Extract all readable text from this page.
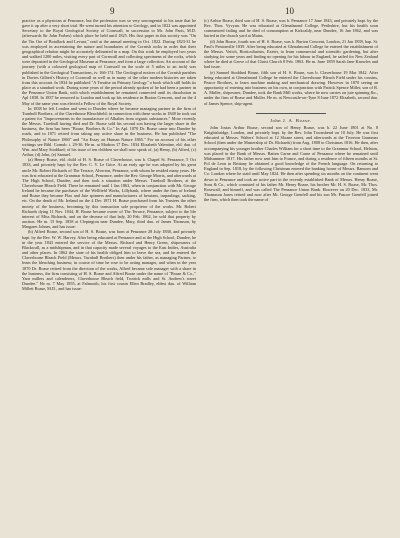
9	10

practice as a physician at Penzance, but the profession was so very uncongenial to his taste that he gave it up after a very short trial. He went turned his attention to Geology, and in 1822 was appointed Secretary to the Royal Geological Society of Cornwall, in succession to Mr. John Paris, M.D. (afterwards Sir John Forbes) which place he held until 1825. His first paper in this society was "On the Tin Ore of Botallack and Levant," read at the annual meeting in Oct. 1822. During 1823-31 he was employed in ascertaining the nature and boundaries of the Cornish rocks in order that their geographical relation might be accurately delineated in a map. On this work he employed two years and walked 1200 miles, visiting every part of Cornwall and collecting specimens of the rocks, which were deposited in the Geological Museum at Penzance, and form a large collection. An account of the journey (with a coloured geological map of Cornwall on the scale of 5 miles to an inch) was published in the Geological Transactions, iv. 166-174. The Geological notices of the Cornish parishes in Davies Gilbert's History of Cornwall as well as in many of the other modern histories are taken from this account. In 1834 he published "A Treatise on Primary Geology" a book which still holds its place as a standard work. During some years of the period already spoken of he had been a partner in the Penzance Union Bank, with which establishment he remained connected until its dissolution in Apl 1838. In 1837 he removed to London and took up his residence in Burton Crescent, and on the 4 May of the same year was elected a Fellow of the Royal Society.

In 1838 he left London and went to Dundee where he became managing partner in the firm of Turnbull Brothers, of the Clarethouse Bleachfield; in connection with these works in 1848 he took out a patent for "Improvements in the manufacture of Alkalies from organic substances." More recently the Messrs. Turnbull having died and Dr. Boase sold his second son having the larger share in the business, the firm has been "Boase, Brothers & Co." In Apl. 1870 Dr. Boase came into Dundee by roads, and in 1871 retired from taking any active share in the business. He has published "The Philosophy of Nature 1860" and "An Essay on Human Nature 1865." For an account of his other writings see Bibl. Cornub. i. 29-36. He m. at Madron 17 Dec. 1834 Elizabeth Valentine, eld. dau. of Wm. and Mary Stoddard; of his issue of ten children we shall now speak of, (a) Henry, (b) Alfred, (c) Arthur, (d) John, (e) Samuel.

(a) Henry Boase, eld. child of H. S. Boase of Claverhouse, was b. Chapel St. Penzance, 5 Oct 1833, and privately bapt. by the Rev. C. V. Le Grice. At an early age he was adopted by his great uncle Mr. Robert Richards of The Terrace, Alverton, Penzance, with whom he resided many years. He was first educated at the Grammar School, Penzance, under the Rev. George Morris, and afterwards at The High School, Dundee, and then took a situation under Messrs. Turnbull Brothers, at the Claverhouse Bleach Field. There he remained until 1 Jan 1863, when in conjunction with Mr. George Ireland he became the purchaser of the Wellfield Works, Lillybank, where under the firm of Ireland and Boase they became Flax and Jute spinners and manufacturers of hessians, tarpaulings, sacking, etc. On the death of Mr. Ireland on the 4 Dec 1871 H. Boase purchased from his Trustees the other moiety of the business, becoming by this transaction sole proprietor of the works. Mr. Robert Richards dying 11 Nov. 1844, H. Boase became owner of The Terrace, Penzance, subject to the life interest of Miss Richards, and on the decease of that lady, 20 Feb. 1862, he sold that property by auction. He m. 15 Sep. 1858 at Clepington near Dundee, Mary, third dau. of James Thomson, by Margaret Johnes, and has issue:

(b) Alfred Boase, second son of H. S. Boase, was born at Penzance 28 July 1838, and privately bapt. by the Rev. W. W. Harvey. After being educated at Penzance and at the High School, Dundee, he in the year 1843 entered the service of the Messrs. Richard and Henry Green, shipowners of Blackwall, as a midshipman, and in that capacity made several voyages to the East Indies, Australia and other places. In 1862 the state of his health obliged him to leave the sea, and he entered the Claverhouse Bleach Field (Messrs. Turnbull Brothers) then under his father, as managing Partner, to learn the bleaching business; in course of time he rose to be acting manager, and when in the year 1870 Dr. Boase retired from the direction of the works, Alfred became sole manager with a share in the business, the firm consisting of H. S. Boase and Alfred Boase under the name of "Boase & Co.," Yarn millers and calenderers, Claverhouse Bleach field, Trottick mills and St. Andrew's street Dundee." He m. 7 May 1855, at Falmouth, his first cousin Ellen Bradley, eldest dau. of William Millett Boase, M.D., and has issue:

(c) Arthur Boase, third son of H. S. Boase, was b. Penzance 17 June 1843, and privately bapt. by the Rev. Thos. Vyvyan. He was educated at Glenalmond College, Perthshire, but his health soon commenced failing and he died of consumption at Kirkcaldy, near Dundee, 16 Jan 1862, and was buried in the church yard at Mains.

(d) John Boase, fourth son of H. S. Boase, was b. Burton Crescent, London, 21 Jan 1839, bap. St. Paul's Pentonville 1839. After being educated at Glenalmond College he entered the establishment of the Messrs. Veitch, Horticulturists, Exeter, to learn commercial and scientific gardening, but after studying for some years and finding no opening for his labour in England, he sailed for New Zealand where he died at Grove of that Christ Church 8 Feb. 1863. He m. June 1859 Sarah Jane Knowles and had issue.

(e) Samuel Stoddard Boase, fifth son of H. S. Boase, was b. Claverhouse 19 Mar 1842. After being educated at Glenalmond College he entered the Claverhouse Bleach Field under his cousins, Pearce Brothers, to learn machine making and mechanical drawing. However in 1870 seeing an opportunity of entering into business on his own, in conjunction with Patrick Spence Miller, son of R. A. Muller, shipowner, Dundee, took the Bank Mill works, where he now carries on jute spinning &c., under the firm of Boase and Muller. He m. at Newcastle-on-Tyne 8 June 1872 Elizabeth, second dau. of James Spence, ship-agent.

John J. A. Boase.

John Josias Arthur Boase, second son of Henry Boase, was b. 22 June 1801 at No. 8 Knightsbridge, London, and privately bapt. by the Rev. John Townshend on 10 July. He was first educated at Messrs. Walters' School at 12 Sloane street, and afterwards at the Tiverton Grammar School (then under the Mastership of Dr. Richards) from Aug. 1808 to Christmas 1816. He then, after accompanying his younger brother Charles William for a short time to the Grammar School, Helston, was placed in the Bank of Messrs. Batten Carne and Carne of Penzance where he remained until Midsummer 1817. His father now sent him to France, and during a residence of fifteen months at St. Pol de Leon in Brittany he obtained a good knowledge of the French language. On returning to England in Sep. 1818, by the following Christmas entered the banking house of Messrs. Ransom and Co. London where he staid until May 1824. He then after spending six months on the continent went down to Penzance and took an active part in the recently established Bank of Messrs. Henry Boase, Sons & Co., which consisted of his father Mr. Henry Boase, his brother Mr. H. S. Boase, Mr. Thos. Rosewall, and himself, and was called The Penzance Union Bank. However on 20 Dec. 1833, Mr. Thomason Jones retired and now after Mr. George Grenfell and his son Mr. Pascoe Grenfell joined the firm, which then took the name of
